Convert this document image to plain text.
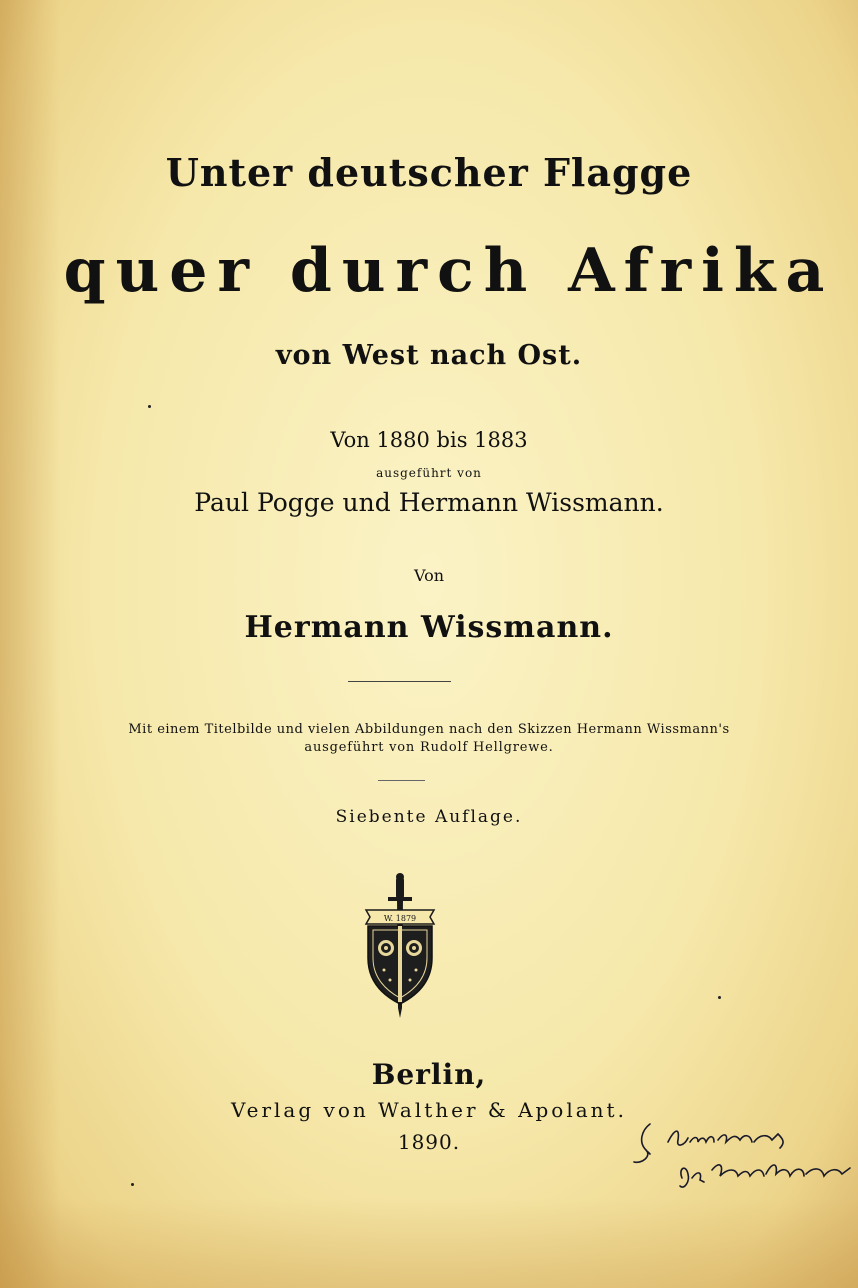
Unter deutscher Flagge
quer durch Afrika
von West nach Ost.
Von 1880 bis 1883
ausgeführt von
Paul Pogge und Hermann Wissmann.
Von
Hermann Wissmann.
Mit einem Titelbilde und vielen Abbildungen nach den Skizzen Hermann Wissmann's
ausgeführt von Rudolf Hellgrewe.
Siebente Auflage.
W. 1879
Berlin,
Verlag von Walther & Apolant.
1890.
